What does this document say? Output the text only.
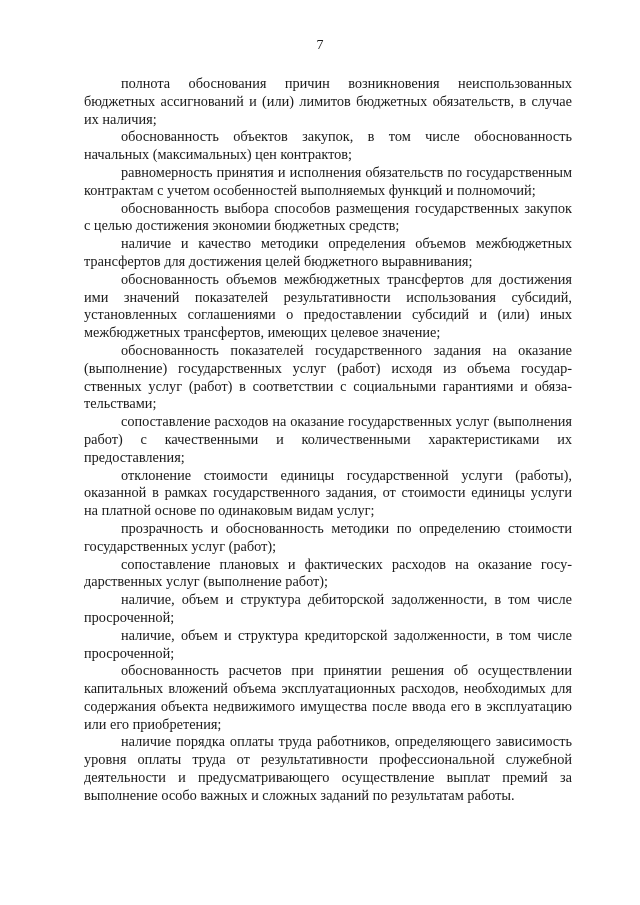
7

полнота обоснования причин возникновения неиспользованных бюджетных ассигнований и (или) лимитов бюджетных обязательств, в случае их наличия;

обоснованность объектов закупок, в том числе обоснованность начальных (максимальных) цен контрактов;

равномерность принятия и исполнения обязательств по государственным контрактам с учетом особенностей выполняемых функций и полномочий;

обоснованность выбора способов размещения государственных закупок с целью достижения экономии бюджетных средств;

наличие и качество методики определения объемов межбюджетных трансфертов для достижения целей бюджетного выравнивания;

обоснованность объемов межбюджетных трансфертов для достижения ими значений показателей результативности использования субсидий, установленных соглашениями о предоставлении субсидий и (или) иных межбюджетных трансфертов, имеющих целевое значение;

обоснованность показателей государственного задания на оказание (выполнение) государственных услуг (работ) исходя из объема государственных услуг (работ) в соответствии с социальными гарантиями и обязательствами;

сопоставление расходов на оказание государственных услуг (выполнения работ) с качественными и количественными характеристиками их предоставления;

отклонение стоимости единицы государственной услуги (работы), оказанной в рамках государственного задания, от стоимости единицы услуги на платной основе по одинаковым видам услуг;

прозрачность и обоснованность методики по определению стоимости государственных услуг (работ);

сопоставление плановых и фактических расходов на оказание государственных услуг (выполнение работ);

наличие, объем и структура дебиторской задолженности, в том числе просроченной;

наличие, объем и структура кредиторской задолженности, в том числе просроченной;

обоснованность расчетов при принятии решения об осуществлении капитальных вложений объема эксплуатационных расходов, необходимых для содержания объекта недвижимого имущества после ввода его в эксплуатацию или его приобретения;

наличие порядка оплаты труда работников, определяющего зависимость уровня оплаты труда от результативности профессиональной служебной деятельности и предусматривающего осуществление выплат премий за выполнение особо важных и сложных заданий по результатам работы.
